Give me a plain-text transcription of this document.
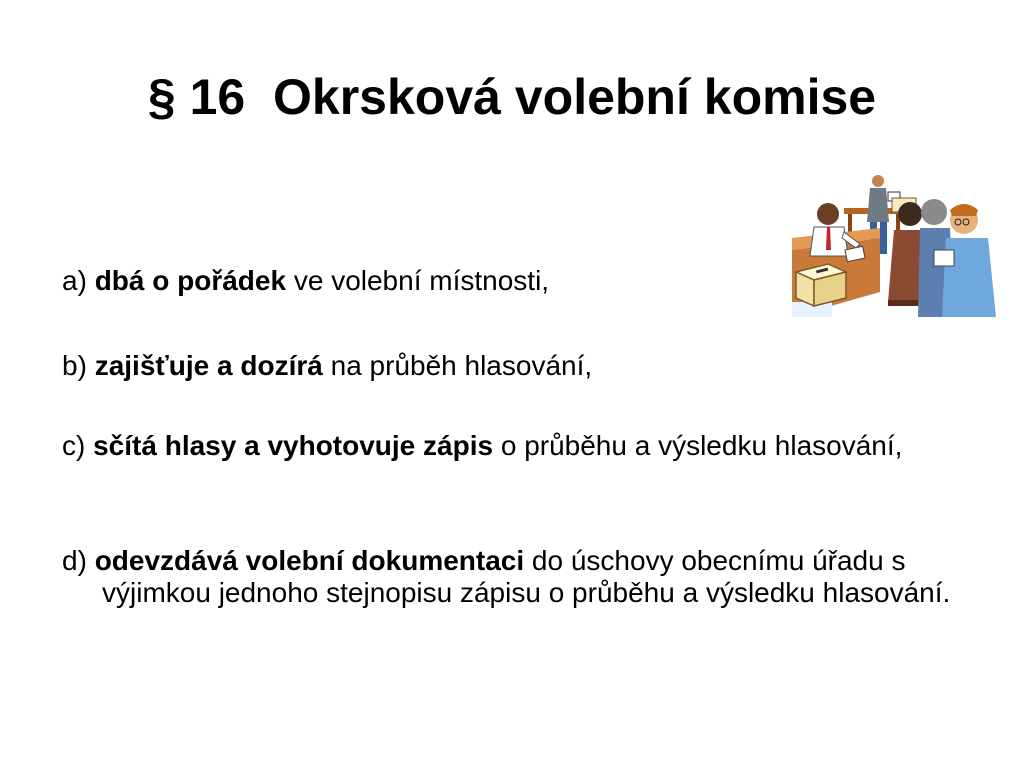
§ 16  Okrsková volební komise
a) dbá o pořádek ve volební místnosti,
b) zajišťuje a dozírá na průběh hlasování,
c) sčítá hlasy a vyhotovuje zápis o průběhu a výsledku hlasování,
d) odevzdává volební dokumentaci do úschovy obecnímu úřadu s výjimkou jednoho stejnopisu zápisu o průběhu a výsledku hlasování.
